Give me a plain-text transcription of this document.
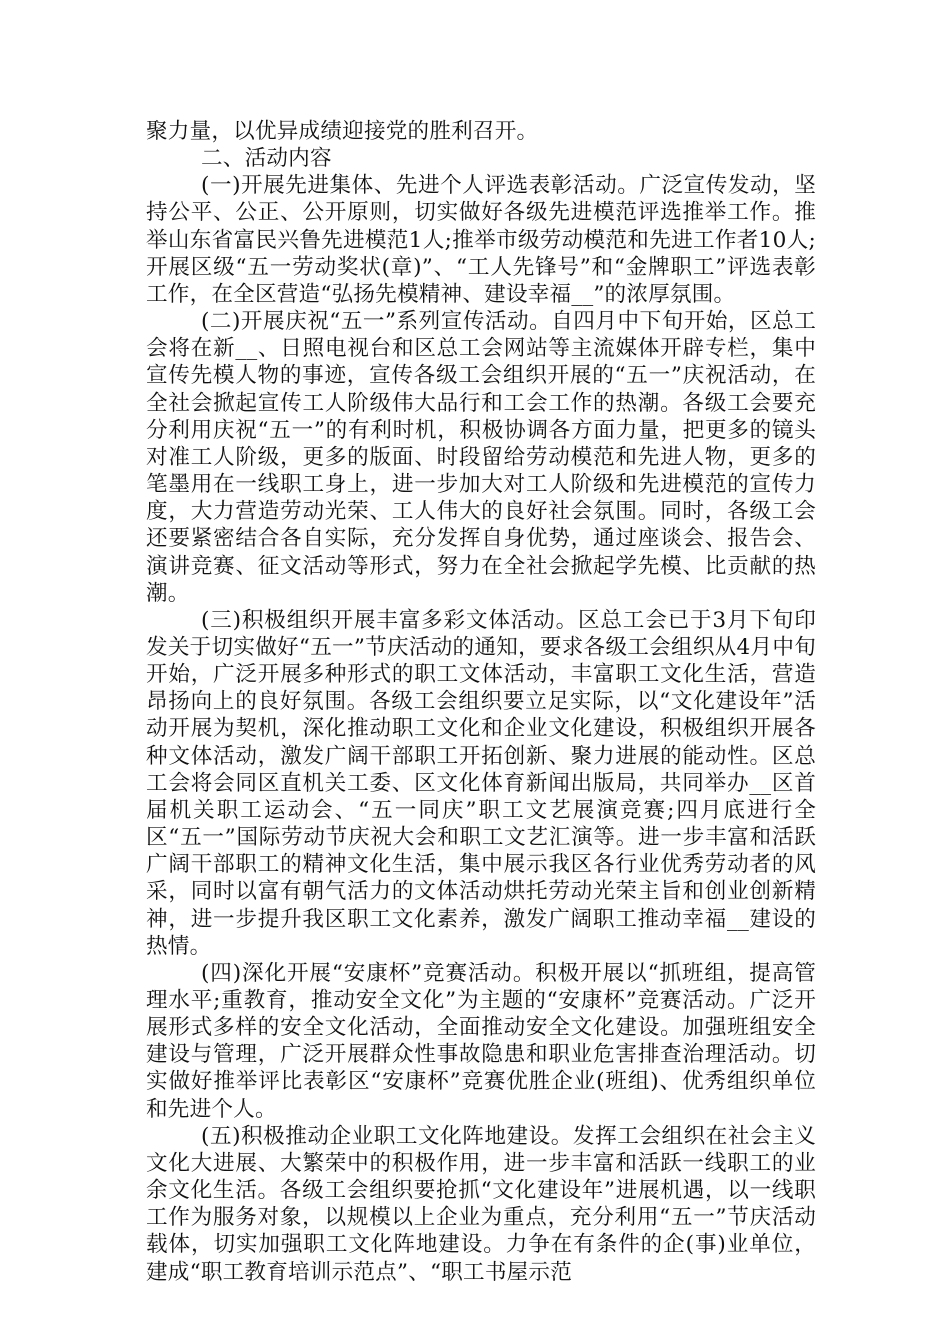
聚力量，以优异成绩迎接党的胜利召开。

二、活动内容

(一)开展先进集体、先进个人评选表彰活动。广泛宣传发动，坚持公平、公正、公开原则，切实做好各级先进模范评选推举工作。推举山东省富民兴鲁先进模范1人;推举市级劳动模范和先进工作者10人;开展区级“五一劳动奖状(章)”、“工人先锋号”和“金牌职工”评选表彰工作，在全区营造“弘扬先模精神、建设幸福__”的浓厚氛围。

(二)开展庆祝“五一”系列宣传活动。自四月中下旬开始，区总工会将在新__、日照电视台和区总工会网站等主流媒体开辟专栏，集中宣传先模人物的事迹，宣传各级工会组织开展的“五一”庆祝活动，在全社会掀起宣传工人阶级伟大品行和工会工作的热潮。各级工会要充分利用庆祝“五一”的有利时机，积极协调各方面力量，把更多的镜头对准工人阶级，更多的版面、时段留给劳动模范和先进人物，更多的笔墨用在一线职工身上，进一步加大对工人阶级和先进模范的宣传力度，大力营造劳动光荣、工人伟大的良好社会氛围。同时，各级工会还要紧密结合各自实际，充分发挥自身优势，通过座谈会、报告会、演讲竞赛、征文活动等形式，努力在全社会掀起学先模、比贡献的热潮。

(三)积极组织开展丰富多彩文体活动。区总工会已于3月下旬印发关于切实做好“五一”节庆活动的通知，要求各级工会组织从4月中旬开始，广泛开展多种形式的职工文体活动，丰富职工文化生活，营造昂扬向上的良好氛围。各级工会组织要立足实际，以“文化建设年”活动开展为契机，深化推动职工文化和企业文化建设，积极组织开展各种文体活动，激发广阔干部职工开拓创新、聚力进展的能动性。区总工会将会同区直机关工委、区文化体育新闻出版局，共同举办__区首届机关职工运动会、“五一同庆”职工文艺展演竞赛;四月底进行全区“五一”国际劳动节庆祝大会和职工文艺汇演等。进一步丰富和活跃广阔干部职工的精神文化生活，集中展示我区各行业优秀劳动者的风采，同时以富有朝气活力的文体活动烘托劳动光荣主旨和创业创新精神，进一步提升我区职工文化素养，激发广阔职工推动幸福__建设的热情。

(四)深化开展“安康杯”竞赛活动。积极开展以“抓班组，提高管理水平;重教育，推动安全文化”为主题的“安康杯”竞赛活动。广泛开展形式多样的安全文化活动，全面推动安全文化建设。加强班组安全建设与管理，广泛开展群众性事故隐患和职业危害排查治理活动。切实做好推举评比表彰区“安康杯”竞赛优胜企业(班组)、优秀组织单位和先进个人。

(五)积极推动企业职工文化阵地建设。发挥工会组织在社会主义文化大进展、大繁荣中的积极作用，进一步丰富和活跃一线职工的业余文化生活。各级工会组织要抢抓“文化建设年”进展机遇，以一线职工作为服务对象，以规模以上企业为重点，充分利用“五一”节庆活动载体，切实加强职工文化阵地建设。力争在有条件的企(事)业单位，建成“职工教育培训示范点”、“职工书屋示范
